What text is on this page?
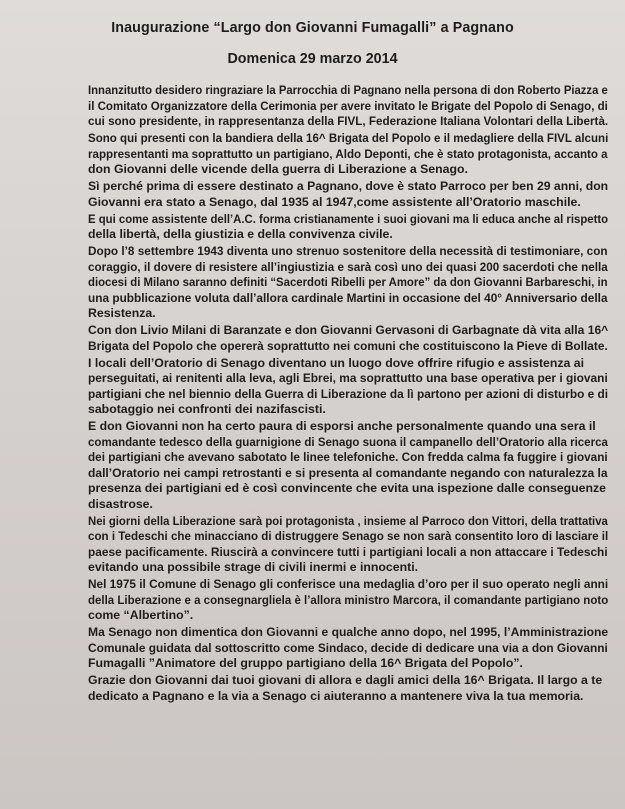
Inaugurazione “Largo don Giovanni Fumagalli” a Pagnano
Domenica 29 marzo 2014

Innanzitutto desidero ringraziare la Parrocchia di Pagnano nella persona di don Roberto Piazza e
il Comitato Organizzatore della Cerimonia per avere invitato le Brigate del Popolo di Senago, di
cui sono presidente, in rappresentanza della FIVL, Federazione Italiana Volontari della Libertà.

Sono qui presenti con la bandiera della 16^ Brigata del Popolo e il medagliere della FIVL alcuni
rappresentanti ma soprattutto un partigiano, Aldo Deponti, che è stato protagonista, accanto a
don Giovanni delle vicende della guerra di Liberazione a Senago.

Sì perché prima di essere destinato a Pagnano, dove è stato Parroco per ben 29 anni, don
Giovanni era stato a Senago, dal 1935 al 1947,come assistente all’Oratorio maschile.

E qui come assistente dell’A.C. forma cristianamente i suoi giovani ma li educa anche al rispetto
della libertà, della giustizia e della convivenza civile.

Dopo l’8 settembre 1943 diventa uno strenuo sostenitore della necessità di testimoniare, con
coraggio, il dovere di resistere all’ingiustizia e sarà così uno dei quasi 200 sacerdoti che nella
diocesi di Milano saranno definiti “Sacerdoti Ribelli per Amore” da don Giovanni Barbareschi, in
una pubblicazione voluta dall’allora cardinale Martini in occasione del 40° Anniversario della
Resistenza.

Con don Livio Milani di Baranzate e don Giovanni Gervasoni di Garbagnate dà vita alla 16^
Brigata del Popolo che opererà soprattutto nei comuni che costituiscono la Pieve di Bollate.

I locali dell’Oratorio di Senago diventano un luogo dove offrire rifugio e assistenza ai
perseguitati, ai renitenti alla leva, agli Ebrei, ma soprattutto una base operativa per i giovani
partigiani che nel biennio della Guerra di Liberazione da lì partono per azioni di disturbo e di
sabotaggio nei confronti dei nazifascisti.

E don Giovanni non ha certo paura di esporsi anche personalmente quando una sera il
comandante tedesco della guarnigione di Senago suona il campanello dell’Oratorio alla ricerca
dei partigiani che avevano sabotato le linee telefoniche. Con fredda calma fa fuggire i giovani
dall’Oratorio nei campi retrostanti e si presenta al comandante negando con naturalezza la
presenza dei partigiani ed è così convincente che evita una ispezione dalle conseguenze
disastrose.

Nei giorni della Liberazione sarà poi protagonista , insieme al Parroco don Vittori, della trattativa
con i Tedeschi che minacciano di distruggere Senago se non sarà consentito loro di lasciare il
paese pacificamente. Riuscirà a convincere tutti i partigiani locali a non attaccare i Tedeschi
evitando una possibile strage di civili inermi e innocenti.

Nel 1975 il Comune di Senago gli conferisce una medaglia d’oro per il suo operato negli anni
della Liberazione e a consegnargliela è l’allora ministro Marcora, il comandante partigiano noto
come “Albertino”.

Ma Senago non dimentica don Giovanni e qualche anno dopo, nel 1995, l’Amministrazione
Comunale guidata dal sottoscritto come Sindaco, decide di dedicare una via a don Giovanni
Fumagalli ”Animatore del gruppo partigiano della 16^ Brigata del Popolo”.

Grazie don Giovanni dai tuoi giovani di allora e dagli amici della 16^ Brigata. Il largo a te
dedicato a Pagnano e la via a Senago ci aiuteranno a mantenere viva la tua memoria.
